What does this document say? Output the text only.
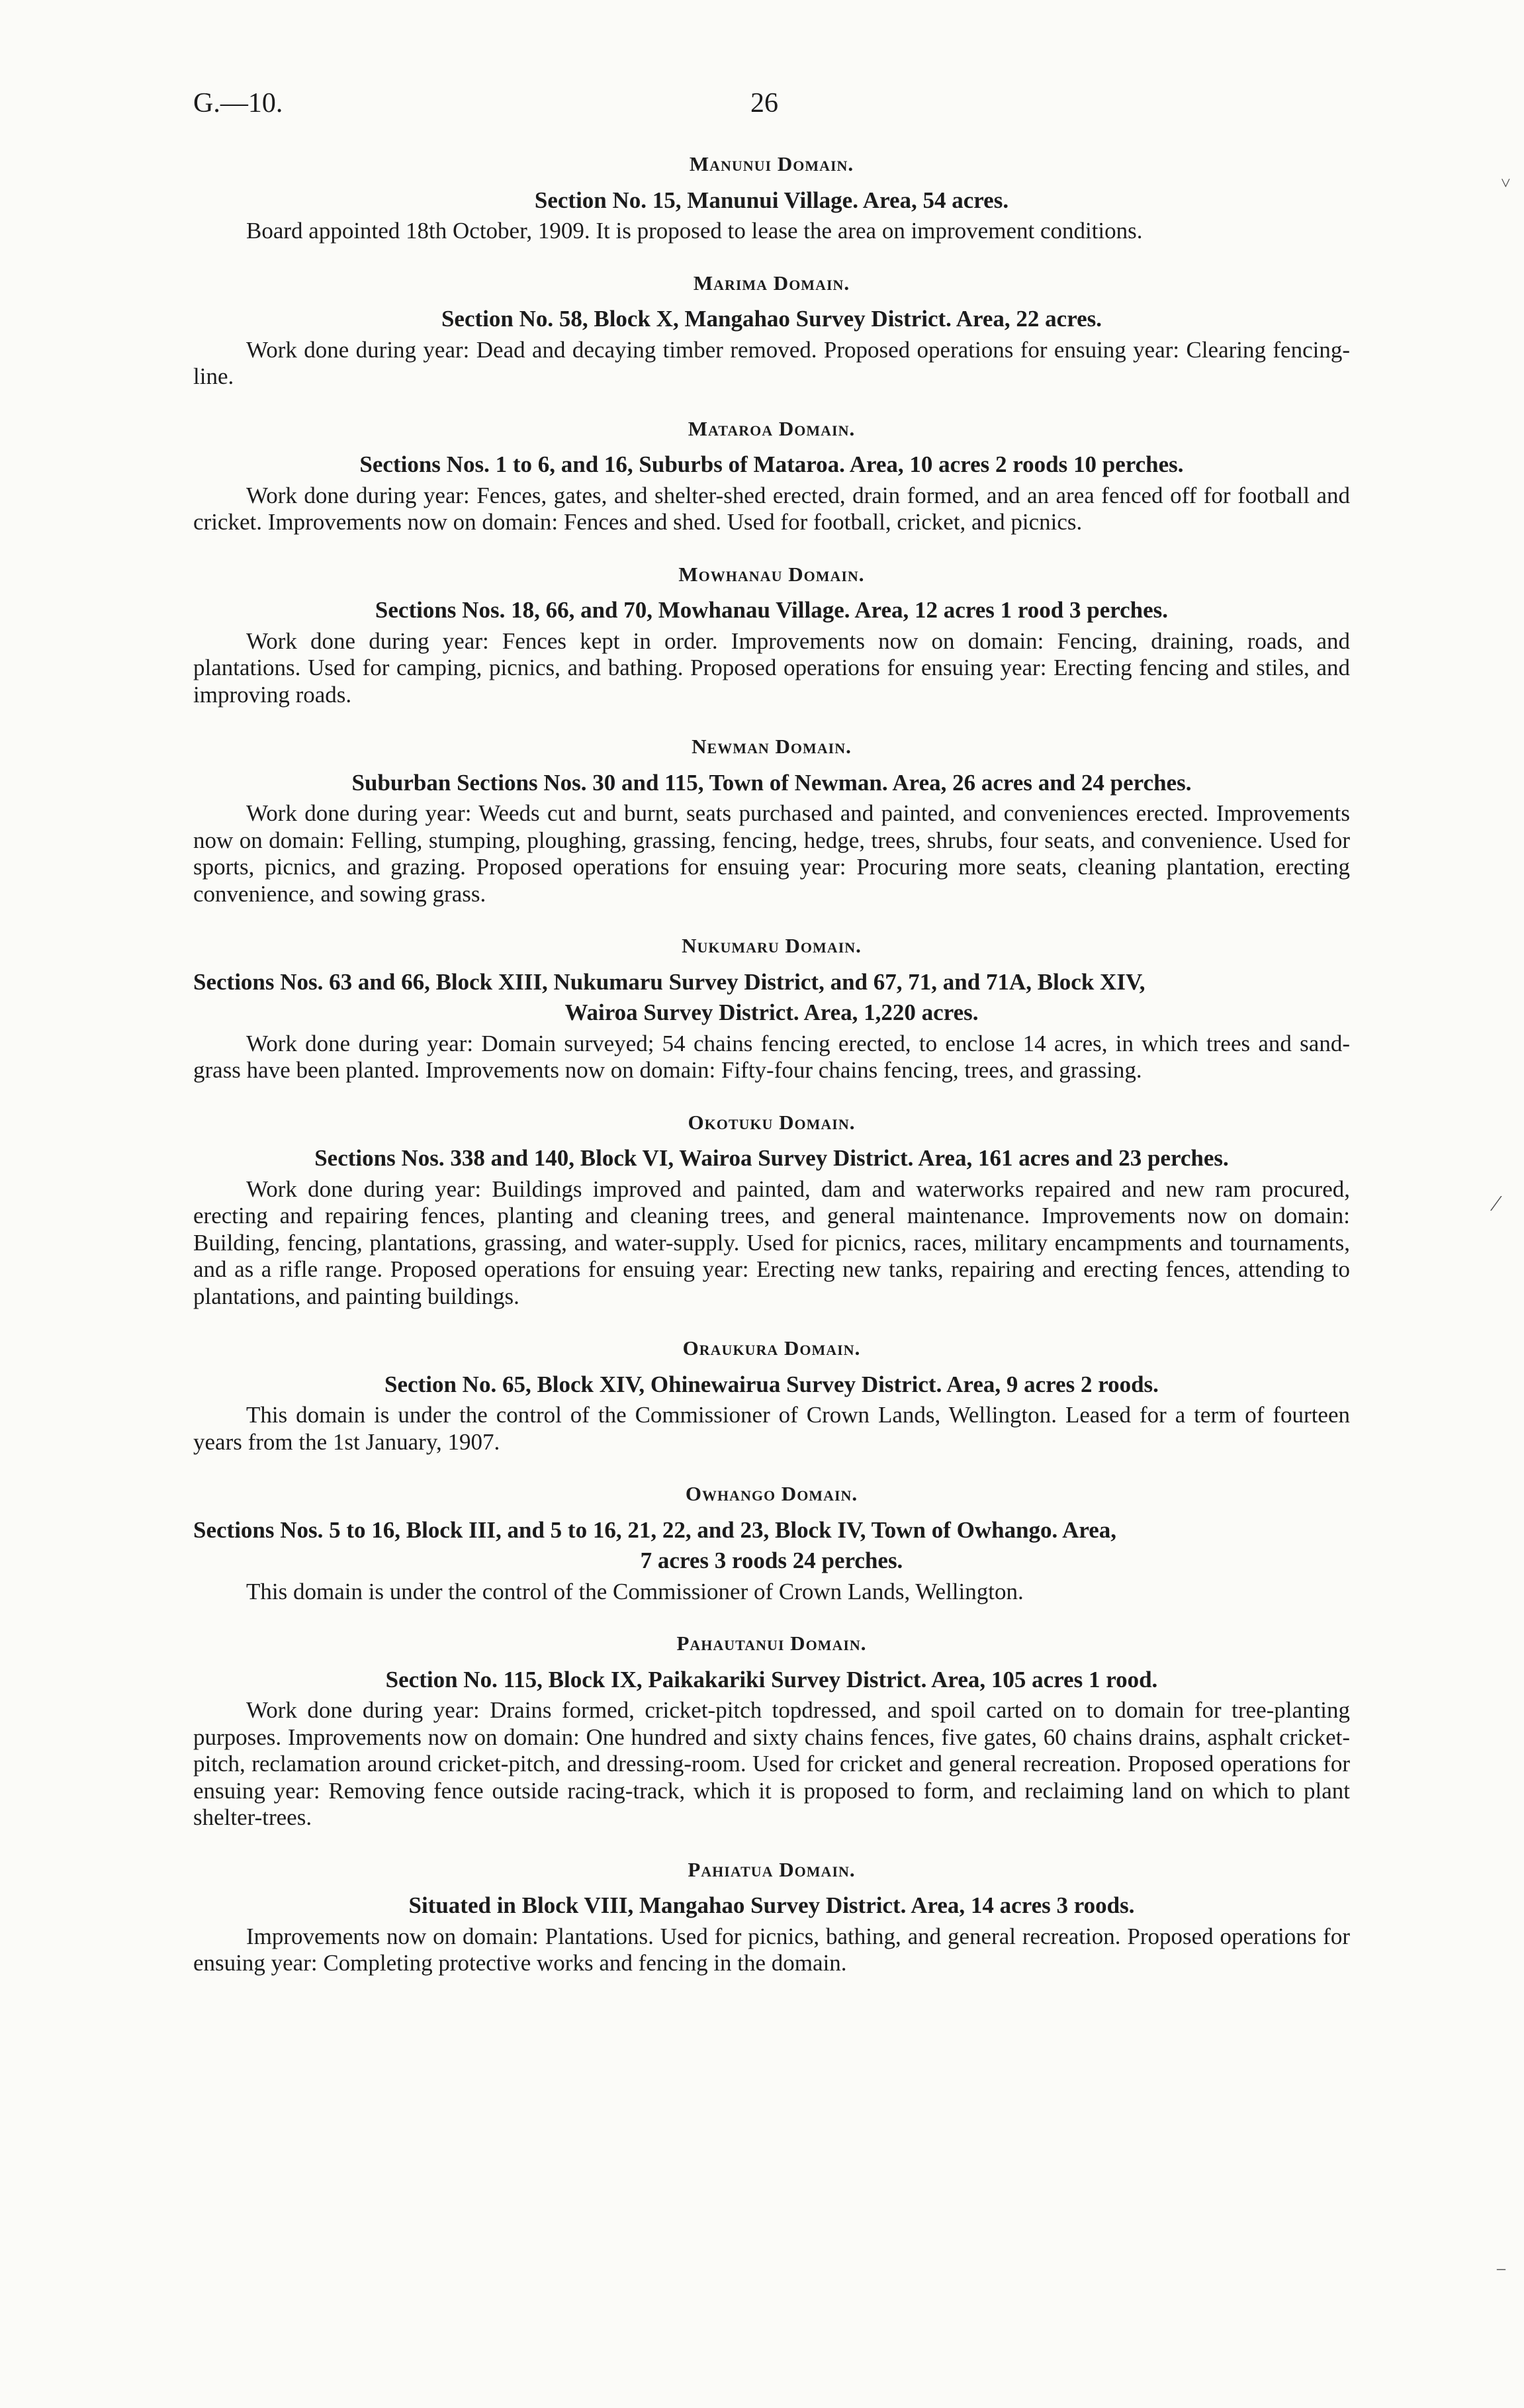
G.—10.	26
˅
⁄
–
Manunui Domain.
Section No. 15, Manunui Village. Area, 54 acres.
Board appointed 18th October, 1909. It is proposed to lease the area on improvement conditions.
Marima Domain.
Section No. 58, Block X, Mangahao Survey District. Area, 22 acres.
Work done during year: Dead and decaying timber removed. Proposed operations for ensuing year: Clearing fencing-line.
Mataroa Domain.
Sections Nos. 1 to 6, and 16, Suburbs of Mataroa. Area, 10 acres 2 roods 10 perches.
Work done during year: Fences, gates, and shelter-shed erected, drain formed, and an area fenced off for football and cricket. Improvements now on domain: Fences and shed. Used for football, cricket, and picnics.
Mowhanau Domain.
Sections Nos. 18, 66, and 70, Mowhanau Village. Area, 12 acres 1 rood 3 perches.
Work done during year: Fences kept in order. Improvements now on domain: Fencing, draining, roads, and plantations. Used for camping, picnics, and bathing. Proposed operations for ensuing year: Erecting fencing and stiles, and improving roads.
Newman Domain.
Suburban Sections Nos. 30 and 115, Town of Newman. Area, 26 acres and 24 perches.
Work done during year: Weeds cut and burnt, seats purchased and painted, and conveniences erected. Improvements now on domain: Felling, stumping, ploughing, grassing, fencing, hedge, trees, shrubs, four seats, and convenience. Used for sports, picnics, and grazing. Proposed operations for ensuing year: Procuring more seats, cleaning plantation, erecting convenience, and sowing grass.
Nukumaru Domain.
Sections Nos. 63 and 66, Block XIII, Nukumaru Survey District, and 67, 71, and 71A, Block XIV,
Wairoa Survey District. Area, 1,220 acres.
Work done during year: Domain surveyed; 54 chains fencing erected, to enclose 14 acres, in which trees and sand-grass have been planted. Improvements now on domain: Fifty-four chains fencing, trees, and grassing.
Okotuku Domain.
Sections Nos. 338 and 140, Block VI, Wairoa Survey District. Area, 161 acres and 23 perches.
Work done during year: Buildings improved and painted, dam and waterworks repaired and new ram procured, erecting and repairing fences, planting and cleaning trees, and general maintenance. Improvements now on domain: Building, fencing, plantations, grassing, and water-supply. Used for picnics, races, military encampments and tournaments, and as a rifle range. Proposed operations for ensuing year: Erecting new tanks, repairing and erecting fences, attending to plantations, and painting buildings.
Oraukura Domain.
Section No. 65, Block XIV, Ohinewairua Survey District. Area, 9 acres 2 roods.
This domain is under the control of the Commissioner of Crown Lands, Wellington. Leased for a term of fourteen years from the 1st January, 1907.
Owhango Domain.
Sections Nos. 5 to 16, Block III, and 5 to 16, 21, 22, and 23, Block IV, Town of Owhango. Area,
7 acres 3 roods 24 perches.
This domain is under the control of the Commissioner of Crown Lands, Wellington.
Pahautanui Domain.
Section No. 115, Block IX, Paikakariki Survey District. Area, 105 acres 1 rood.
Work done during year: Drains formed, cricket-pitch topdressed, and spoil carted on to domain for tree-planting purposes. Improvements now on domain: One hundred and sixty chains fences, five gates, 60 chains drains, asphalt cricket-pitch, reclamation around cricket-pitch, and dressing-room. Used for cricket and general recreation. Proposed operations for ensuing year: Removing fence outside racing-track, which it is proposed to form, and reclaiming land on which to plant shelter-trees.
Pahiatua Domain.
Situated in Block VIII, Mangahao Survey District. Area, 14 acres 3 roods.
Improvements now on domain: Plantations. Used for picnics, bathing, and general recreation. Proposed operations for ensuing year: Completing protective works and fencing in the domain.
